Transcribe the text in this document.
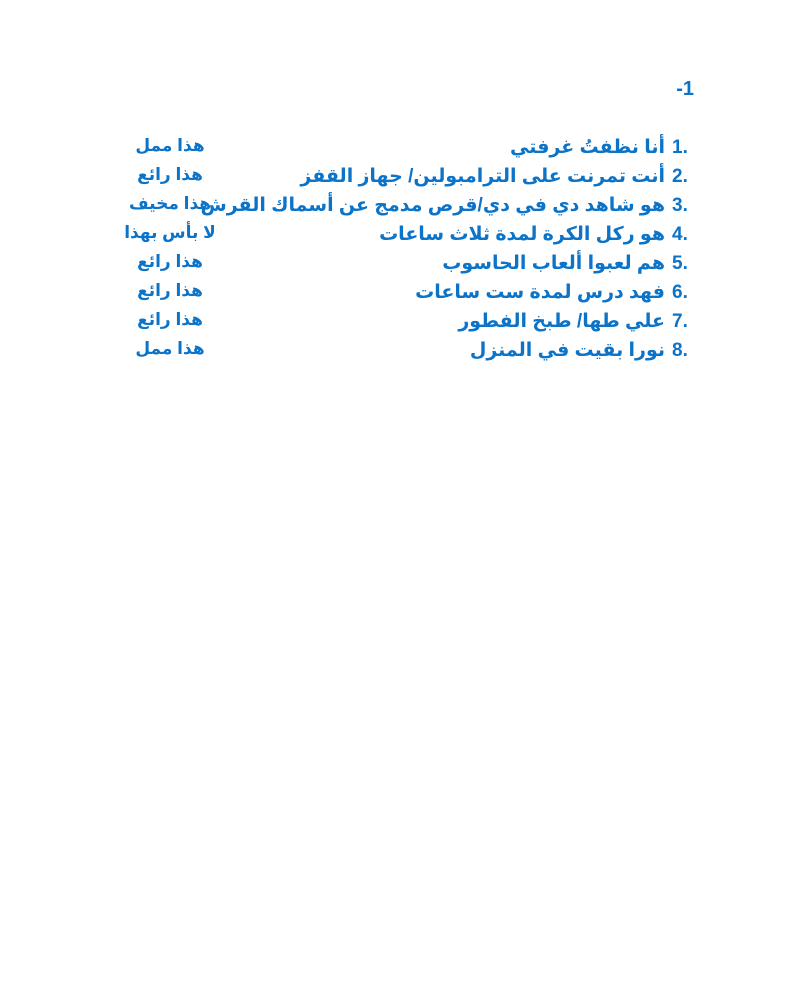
-1
أنا نظفتُ غرفتي 1.
أنت تمرنت على الترامبولين/ جهاز القفز 2.
هو شاهد دي في دي/قرص مدمج عن أسماك القرش 3.
هو ركل الكرة لمدة ثلاث ساعات 4.
هم لعبوا ألعاب الحاسوب 5.
فهد درس لمدة ست ساعات 6.
علي طها/ طبخ الفطور 7.
نورا بقيت في المنزل 8.
هذا ممل
هذا رائع
هذا مخيف
لا بأس بهذا
هذا رائع
هذا رائع
هذا رائع
هذا ممل
